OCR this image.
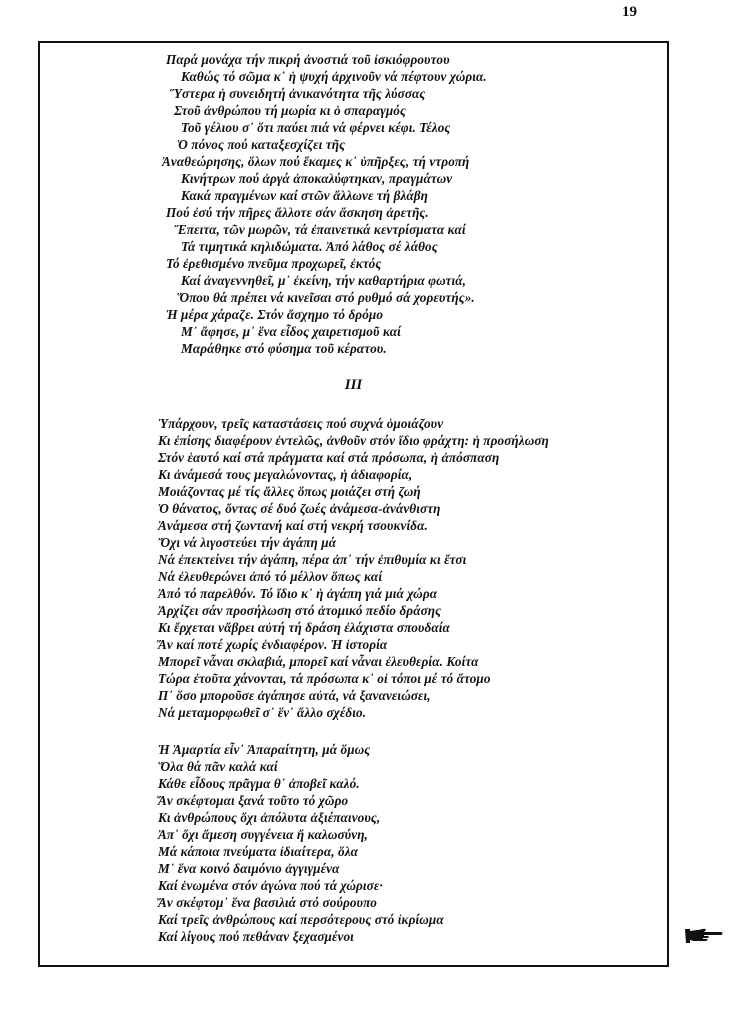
19
Παρά μονάχα τήν πικρή ἀνοστιά τοῦ ἰσκιόφρουτου
Καθώς τό σῶμα κ᾽ ἡ ψυχή ἀρχινοῦν νά πέφτουν χώρια.
Ὕστερα ἡ συνειδητή ἀνικανότητα τῆς λύσσας
Στοῦ ἀνθρώπου τή μωρία κι ὁ σπαραγμός
Τοῦ γέλιου σ᾽ ὅτι παύει πιά νά φέρνει κέφι. Τέλος
Ὁ πόνος πού καταξεσχίζει τῆς
Ἀναθεώρησης, ὅλων πού ἔκαμες κ᾽ ὑπῆρξες, τή ντροπή
Κινήτρων πού ἀργά ἀποκαλύφτηκαν, πραγμάτων
Κακά πραγμένων καί στῶν ἄλλωνε τή βλάβη
Πού ἐσύ τήν πῆρες ἄλλοτε σάν ἄσκηση ἀρετῆς.
Ἔπειτα, τῶν μωρῶν, τά ἐπαινετικά κεντρίσματα καί
Τά τιμητικά κηλιδώματα. Ἀπό λάθος σέ λάθος
Τό ἐρεθισμένο πνεῦμα προχωρεῖ, ἐκτός
Καί ἀναγεννηθεῖ, μ᾽ ἐκείνη, τήν καθαρτήρια φωτιά,
Ὅπου θά πρέπει νά κινεῖσαι στό ρυθμό σά χορευτής».
Ἡ μέρα χάραζε. Στόν ἄσχημο τό δρόμο
Μ᾽ ἄφησε, μ᾽ ἕνα εἶδος χαιρετισμοῦ καί
Μαράθηκε στό φύσημα τοῦ κέρατου.
III
Ὑπάρχουν, τρεῖς καταστάσεις πού συχνά ὁμοιάζουν
Κι ἐπίσης διαφέρουν ἐντελῶς, ἀνθοῦν στόν ἴδιο φράχτη: ἡ προσήλωση
Στόν ἑαυτό καί στά πράγματα καί στά πρόσωπα, ἡ ἀπόσπαση
Κι ἀνάμεσά τους μεγαλώνοντας, ἡ ἀδιαφορία,
Μοιάζοντας μέ τίς ἄλλες ὅπως μοιάζει στή ζωή
Ὁ θάνατος, ὄντας σέ δυό ζωές ἀνάμεσα-ἀνάνθιστη
Ἀνάμεσα στή ζωντανή καί στή νεκρή τσουκνίδα.
Ὄχι νά λιγοστεύει τήν ἀγάπη μά
Νά ἐπεκτείνει τήν ἀγάπη, πέρα ἀπ᾽ τήν ἐπιθυμία κι ἔτσι
Νά ἐλευθερώνει ἀπό τό μέλλον ὅπως καί
Ἀπό τό παρελθόν. Τό ἴδιο κ᾽ ἡ ἀγάπη γιά μιά χώρα
Ἀρχίζει σάν προσήλωση στό ἀτομικό πεδίο δράσης
Κι ἔρχεται νἄβρει αὐτή τή δράση ἐλάχιστα σπουδαία
Ἄν καί ποτέ χωρίς ἐνδιαφέρον. Ἡ ἱστορία
Μπορεῖ νἆναι σκλαβιά, μπορεῖ καί νἆναι ἐλευθερία. Κοίτα
Τώρα ἐτοῦτα χάνονται, τά πρόσωπα κ᾽ οἱ τόποι μέ τό ἄτομο
Π᾽ ὅσο μποροῦσε ἀγάπησε αὐτά, νά ξανανειώσει,
Νά μεταμορφωθεῖ σ᾽ ἕν᾽ ἄλλο σχέδιο.
Ἡ Ἁμαρτία εἶν᾽ Ἀπαραίτητη, μά ὅμως
Ὅλα θά πᾶν καλά καί
Κάθε εἶδους πρᾶγμα θ᾽ ἀποβεῖ καλό.
Ἄν σκέφτομαι ξανά τοῦτο τό χῶρο
Κι ἀνθρώπους ὄχι ἀπόλυτα ἀξιέπαινους,
Ἀπ᾽ ὄχι ἄμεση συγγένεια ἤ καλωσύνη,
Μά κάποια πνεύματα ἰδιαίτερα, ὅλα
Μ᾽ ἕνα κοινό δαιμόνιο ἀγγιγμένα
Καί ἑνωμένα στόν ἀγώνα πού τά χώρισε·
Ἄν σκέφτομ᾽ ἕνα βασιλιά στό σούρουπο
Καί τρεῖς ἀνθρώπους καί περσότερους στό ἰκρίωμα
Καί λίγους πού πεθάναν ξεχασμένοι
